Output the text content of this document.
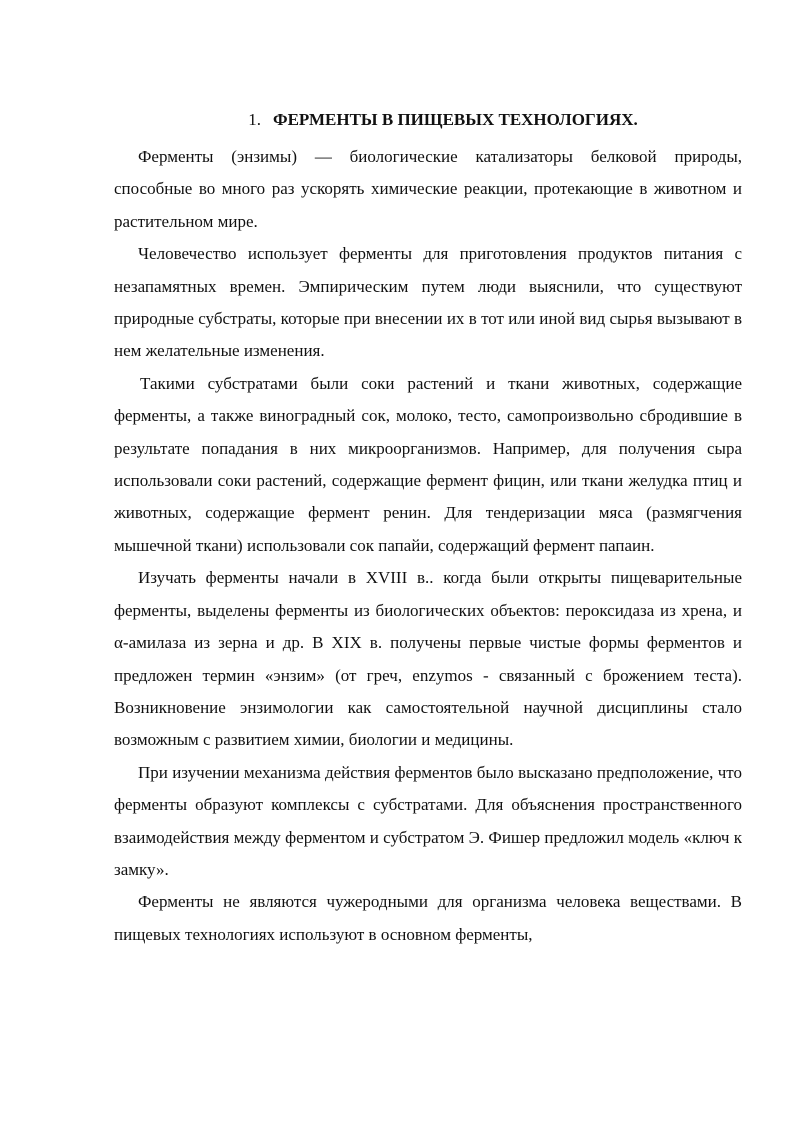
1. ФЕРМЕНТЫ В ПИЩЕВЫХ ТЕХНОЛОГИЯХ.

Ферменты (энзимы) — биологические катализаторы белковой природы, способные во много раз ускорять химические реакции, протекающие в животном и растительном мире.

Человечество использует ферменты для приготовления продуктов питания с незапамятных времен. Эмпирическим путем люди выяснили, что существуют природные субстраты, которые при внесении их в тот или иной вид сырья вызывают в нем желательные изменения.

Такими субстратами были соки растений и ткани животных, содержащие ферменты, а также виноградный сок, молоко, тесто, самопроизвольно сбродившие в результате попадания в них микроорганизмов. Например, для получения сыра использовали соки растений, содержащие фермент фицин, или ткани желудка птиц и животных, содержащие фермент ренин. Для тендеризации мяса (размягчения мышечной ткани) использовали сок папайи, содержащий фермент папаин.

Изучать ферменты начали в XVIII в.. когда были открыты пищеварительные ферменты, выделены ферменты из биологических объектов: пероксидаза из хрена, и α-амилаза из зерна и др. В XIX в. получены первые чистые формы ферментов и предложен термин «энзим» (от греч, enzymos - связанный с брожением теста). Возникновение энзимологии как самостоятельной научной дисциплины стало возможным с развитием химии, биологии и медицины.

При изучении механизма действия ферментов было высказано предположение, что ферменты образуют комплексы с субстратами. Для объяснения пространственного взаимодействия между ферментом и субстратом Э. Фишер предложил модель «ключ к замку».

Ферменты не являются чужеродными для организма человека веществами. В пищевых технологиях используют в основном ферменты,
